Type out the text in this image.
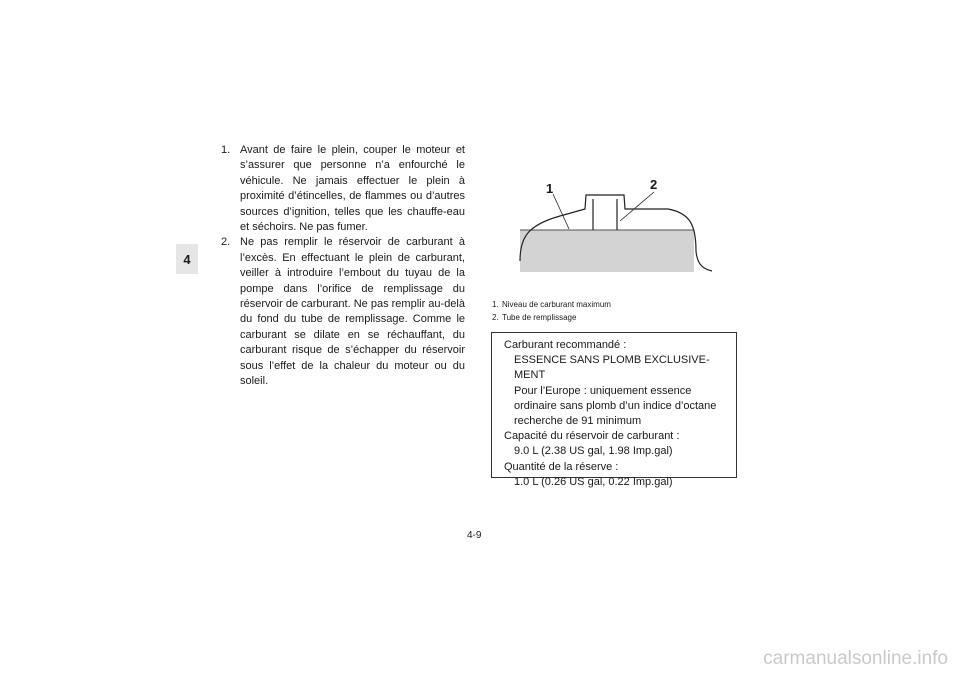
4
1. Avant de faire le plein, couper le moteur et s’assurer que personne n’a enfourché le véhicule. Ne jamais effectuer le plein à proximité d’étincelles, de flammes ou d’autres sources d’ignition, telles que les chauffe-eau et séchoirs. Ne pas fumer.
2. Ne pas remplir le réservoir de carburant à l’excès. En effectuant le plein de carburant, veiller à introduire l’embout du tuyau de la pompe dans l’orifice de remplissage du réservoir de carburant. Ne pas remplir au-delà du fond du tube de remplissage. Comme le carburant se dilate en se réchauffant, du carburant risque de s’échapper du réservoir sous l’effet de la chaleur du moteur ou du soleil.
1	2
1. Niveau de carburant maximum
2. Tube de remplissage
Carburant recommandé :
ESSENCE SANS PLOMB EXCLUSIVE-MENT
Pour l’Europe : uniquement essence ordinaire sans plomb d’un indice d’octane recherche de 91 minimum
Capacité du réservoir de carburant :
9.0 L (2.38 US gal, 1.98 Imp.gal)
Quantité de la réserve :
1.0 L (0.26 US gal, 0.22 Imp.gal)
4-9
carmanualsonline.info
